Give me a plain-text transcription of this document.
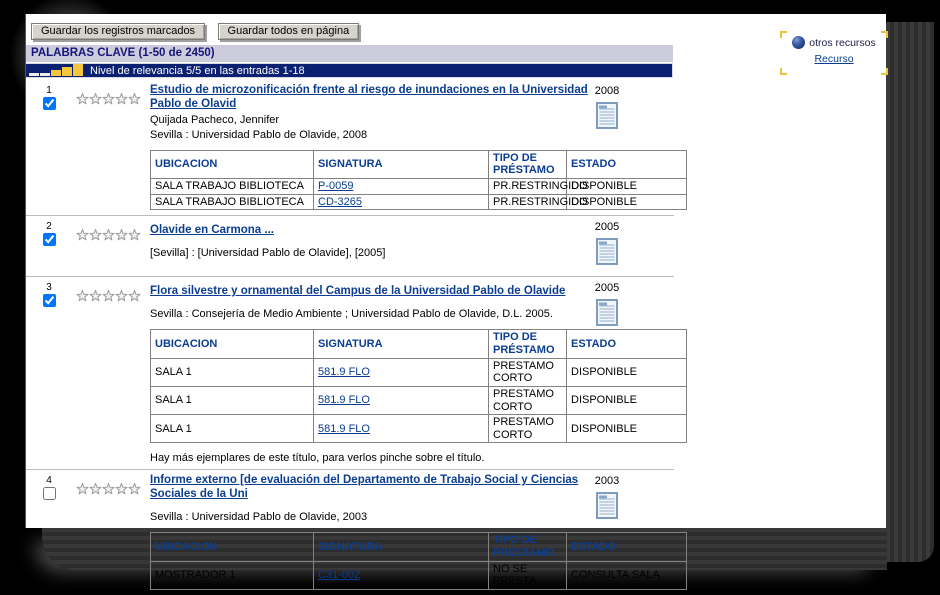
Guardar los registros marcados	Guardar todos en página
PALABRAS CLAVE (1-50 de 2450)
Nivel de relevancia 5/5 en las entradas 1-18
otros recursos
Recurso
1	Estudio de microzonificación frente al riesgo de inundaciones en la Universidad Pablo de Olavid
Quijada Pacheco, Jennifer
Sevilla : Universidad Pablo de Olavide, 2008
UBICACION	SIGNATURA	TIPO DE PRÉSTAMO	ESTADO
SALA TRABAJO BIBLIOTECA	P-0059	PR.RESTRINGIDO	DISPONIBLE
SALA TRABAJO BIBLIOTECA	CD-3265	PR.RESTRINGIDO	DISPONIBLE
2008
2	Olavide en Carmona ...
[Sevilla] : [Universidad Pablo de Olavide], [2005]
2005
3	Flora silvestre y ornamental del Campus de la Universidad Pablo de Olavide
Sevilla : Consejería de Medio Ambiente ; Universidad Pablo de Olavide, D.L. 2005.
UBICACION	SIGNATURA	TIPO DE PRÉSTAMO	ESTADO
SALA 1	581.9 FLO	PRESTAMO CORTO	DISPONIBLE
SALA 1	581.9 FLO	PRESTAMO CORTO	DISPONIBLE
SALA 1	581.9 FLO	PRESTAMO CORTO	DISPONIBLE
Hay más ejemplares de este título, para verlos pinche sobre el título.
2005
4	Informe externo [de evaluación del Departamento de Trabajo Social y Ciencias Sociales de la Uni
Sevilla : Universidad Pablo de Olavide, 2003
UBICACION	SIGNATURA	TIPO DE PRÉSTAMO	ESTADO
MOSTRADOR 1	C31-002	NO SE PRESTA	CONSULTA SALA
2003
